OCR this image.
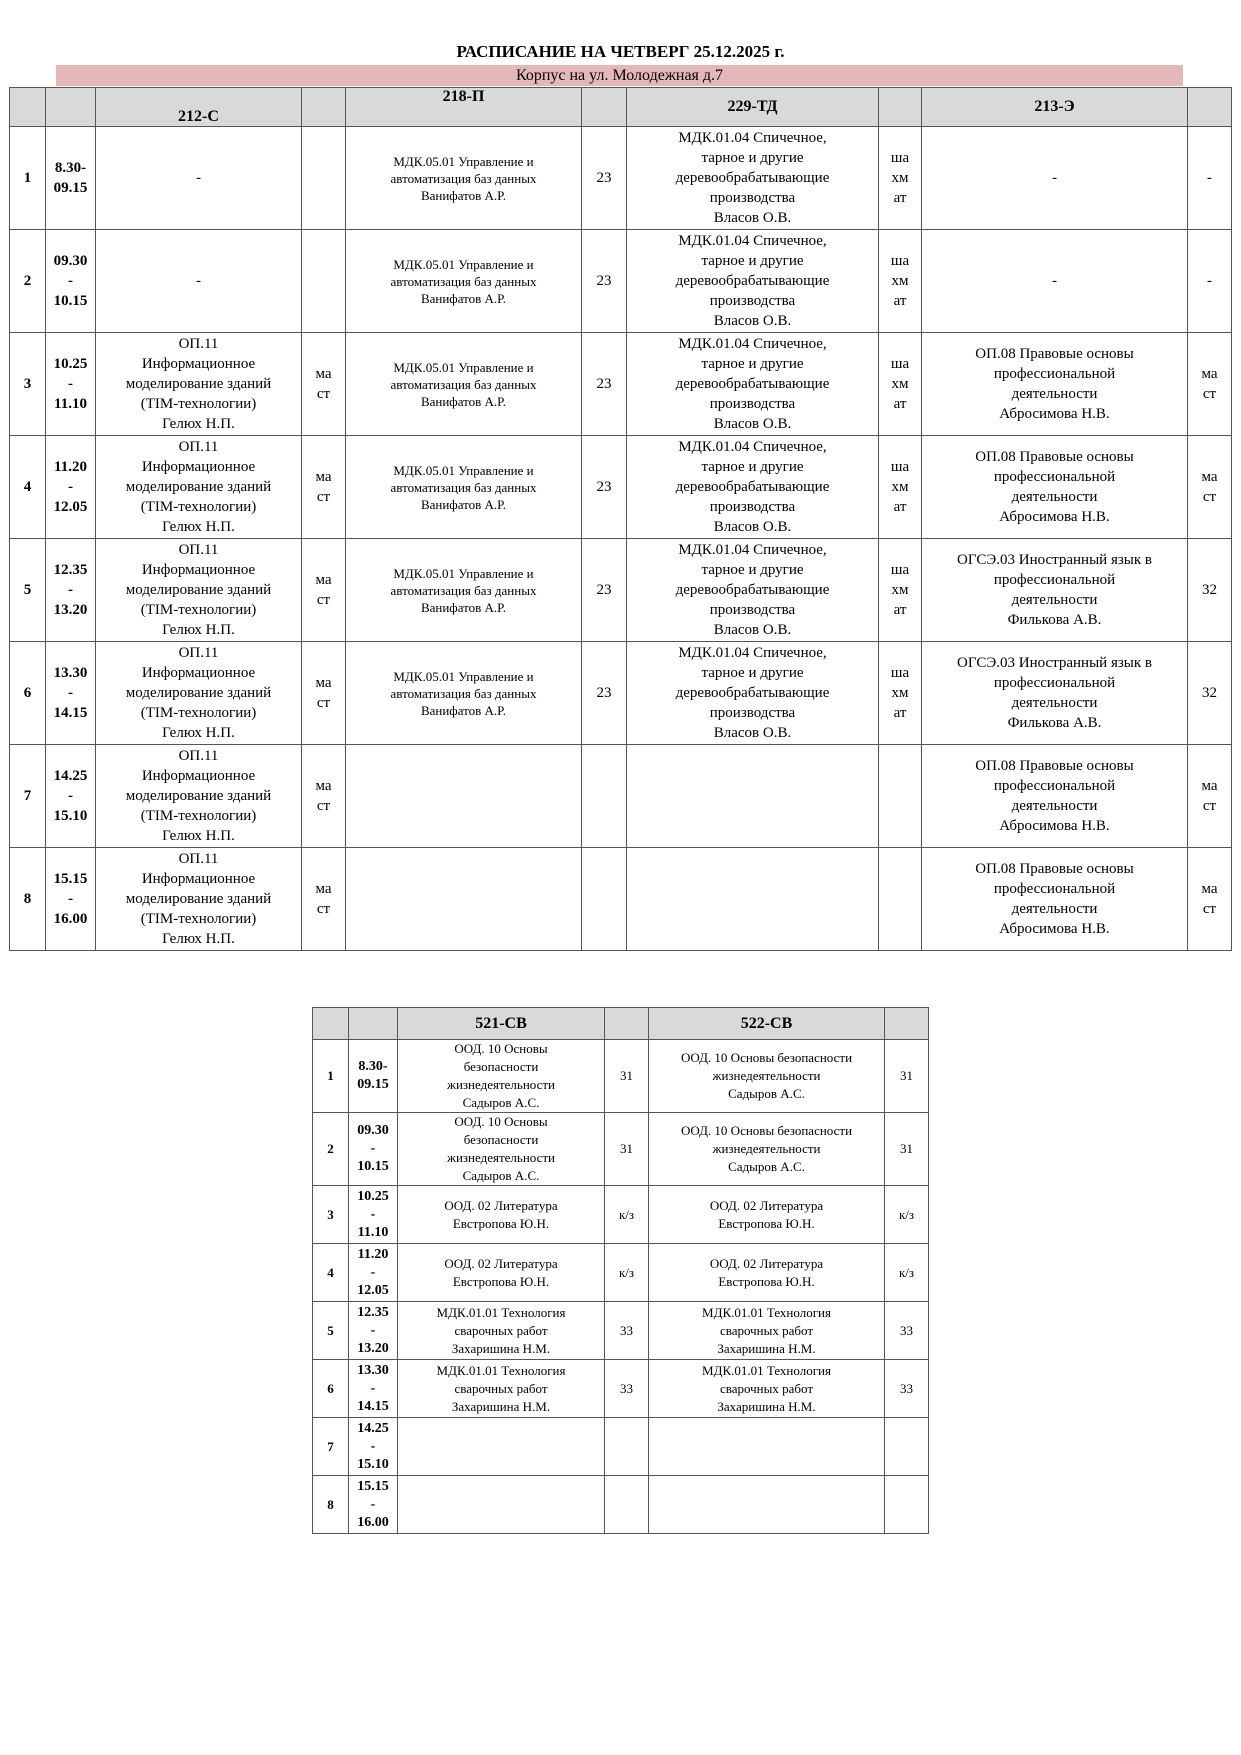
РАСПИСАНИЕ НА ЧЕТВЕРГ 25.12.2025 г.
Корпус на ул. Молодежная д.7
		212-С		218-П		229-ТД		213-Э	
1	8.30-
09.15	-		МДК.05.01 Управление и
автоматизация баз данных
Ванифатов А.Р.	23	МДК.01.04 Спичечное,
тарное и другие
деревообрабатывающие
производства
Власов О.В.	ша
хм
ат	-	-
2	09.30
-
10.15	-		МДК.05.01 Управление и
автоматизация баз данных
Ванифатов А.Р.	23	МДК.01.04 Спичечное,
тарное и другие
деревообрабатывающие
производства
Власов О.В.	ша
хм
ат	-	-
3	10.25
-
11.10	ОП.11
Информационное
моделирование зданий
(ТІМ-технологии)
Гелюх Н.П.	ма
ст	МДК.05.01 Управление и
автоматизация баз данных
Ванифатов А.Р.	23	МДК.01.04 Спичечное,
тарное и другие
деревообрабатывающие
производства
Власов О.В.	ша
хм
ат	ОП.08 Правовые основы
профессиональной
деятельности
Абросимова Н.В.	ма
ст
4	11.20
-
12.05	ОП.11
Информационное
моделирование зданий
(ТІМ-технологии)
Гелюх Н.П.	ма
ст	МДК.05.01 Управление и
автоматизация баз данных
Ванифатов А.Р.	23	МДК.01.04 Спичечное,
тарное и другие
деревообрабатывающие
производства
Власов О.В.	ша
хм
ат	ОП.08 Правовые основы
профессиональной
деятельности
Абросимова Н.В.	ма
ст
5	12.35
-
13.20	ОП.11
Информационное
моделирование зданий
(ТІМ-технологии)
Гелюх Н.П.	ма
ст	МДК.05.01 Управление и
автоматизация баз данных
Ванифатов А.Р.	23	МДК.01.04 Спичечное,
тарное и другие
деревообрабатывающие
производства
Власов О.В.	ша
хм
ат	ОГСЭ.03 Иностранный язык в
профессиональной
деятельности
Филькова А.В.	32
6	13.30
-
14.15	ОП.11
Информационное
моделирование зданий
(ТІМ-технологии)
Гелюх Н.П.	ма
ст	МДК.05.01 Управление и
автоматизация баз данных
Ванифатов А.Р.	23	МДК.01.04 Спичечное,
тарное и другие
деревообрабатывающие
производства
Власов О.В.	ша
хм
ат	ОГСЭ.03 Иностранный язык в
профессиональной
деятельности
Филькова А.В.	32
7	14.25
-
15.10	ОП.11
Информационное
моделирование зданий
(ТІМ-технологии)
Гелюх Н.П.	ма
ст					ОП.08 Правовые основы
профессиональной
деятельности
Абросимова Н.В.	ма
ст
8	15.15
-
16.00	ОП.11
Информационное
моделирование зданий
(ТІМ-технологии)
Гелюх Н.П.	ма
ст					ОП.08 Правовые основы
профессиональной
деятельности
Абросимова Н.В.	ма
ст
		521-СВ		522-СВ	
1	8.30-
09.15	ООД. 10 Основы
безопасности
жизнедеятельности
Садыров А.С.	31	ООД. 10 Основы безопасности
жизнедеятельности
Садыров А.С.	31
2	09.30
-
10.15	ООД. 10 Основы
безопасности
жизнедеятельности
Садыров А.С.	31	ООД. 10 Основы безопасности
жизнедеятельности
Садыров А.С.	31
3	10.25
-
11.10	ООД. 02 Литература
Евстропова Ю.Н.	к/з	ООД. 02 Литература
Евстропова Ю.Н.	к/з
4	11.20
-
12.05	ООД. 02 Литература
Евстропова Ю.Н.	к/з	ООД. 02 Литература
Евстропова Ю.Н.	к/з
5	12.35
-
13.20	МДК.01.01 Технология
сварочных работ
Захаришина Н.М.	33	МДК.01.01 Технология
сварочных работ
Захаришина Н.М.	33
6	13.30
-
14.15	МДК.01.01 Технология
сварочных работ
Захаришина Н.М.	33	МДК.01.01 Технология
сварочных работ
Захаришина Н.М.	33
7	14.25
-
15.10				
8	15.15
-
16.00				
